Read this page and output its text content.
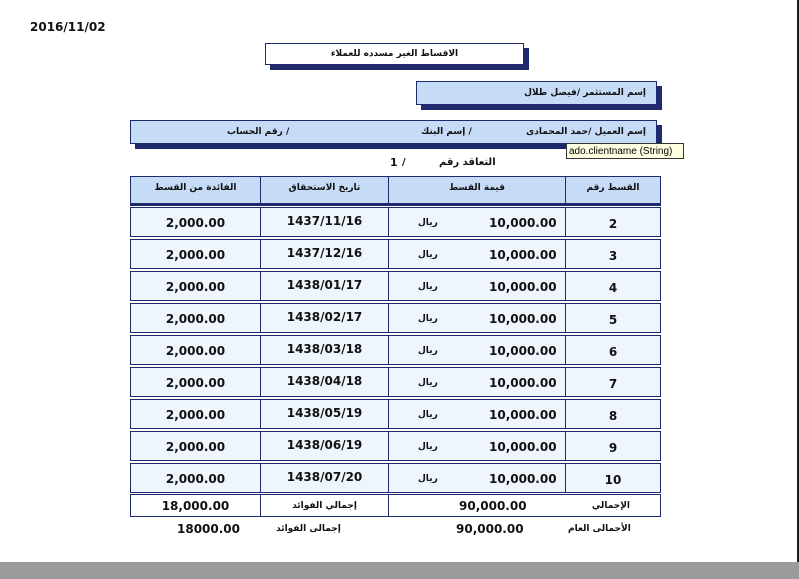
2016/11/02
الاقساط الغير مسدده للعملاء
إسم المستثمر /فيصل طلال
إسم العميل /حمد المحمادى
إسم البنك /
رقم الحساب /
ado.clientname (String)
التعاقد رقم
/
1
القسط رقم
قيمة القسط
تاريخ الاستحقاق
الفائدة من القسط
2
10,000.00
ريال
1437/11/16
2,000.00
3
10,000.00
ريال
1437/12/16
2,000.00
4
10,000.00
ريال
1438/01/17
2,000.00
5
10,000.00
ريال
1438/02/17
2,000.00
6
10,000.00
ريال
1438/03/18
2,000.00
7
10,000.00
ريال
1438/04/18
2,000.00
8
10,000.00
ريال
1438/05/19
2,000.00
9
10,000.00
ريال
1438/06/19
2,000.00
10
10,000.00
ريال
1438/07/20
2,000.00
الإجمالي
90,000.00
إجمالي الفوائد
18,000.00
الأجمالى العام
90,000.00
إجمالى الفوائد
18000.00
